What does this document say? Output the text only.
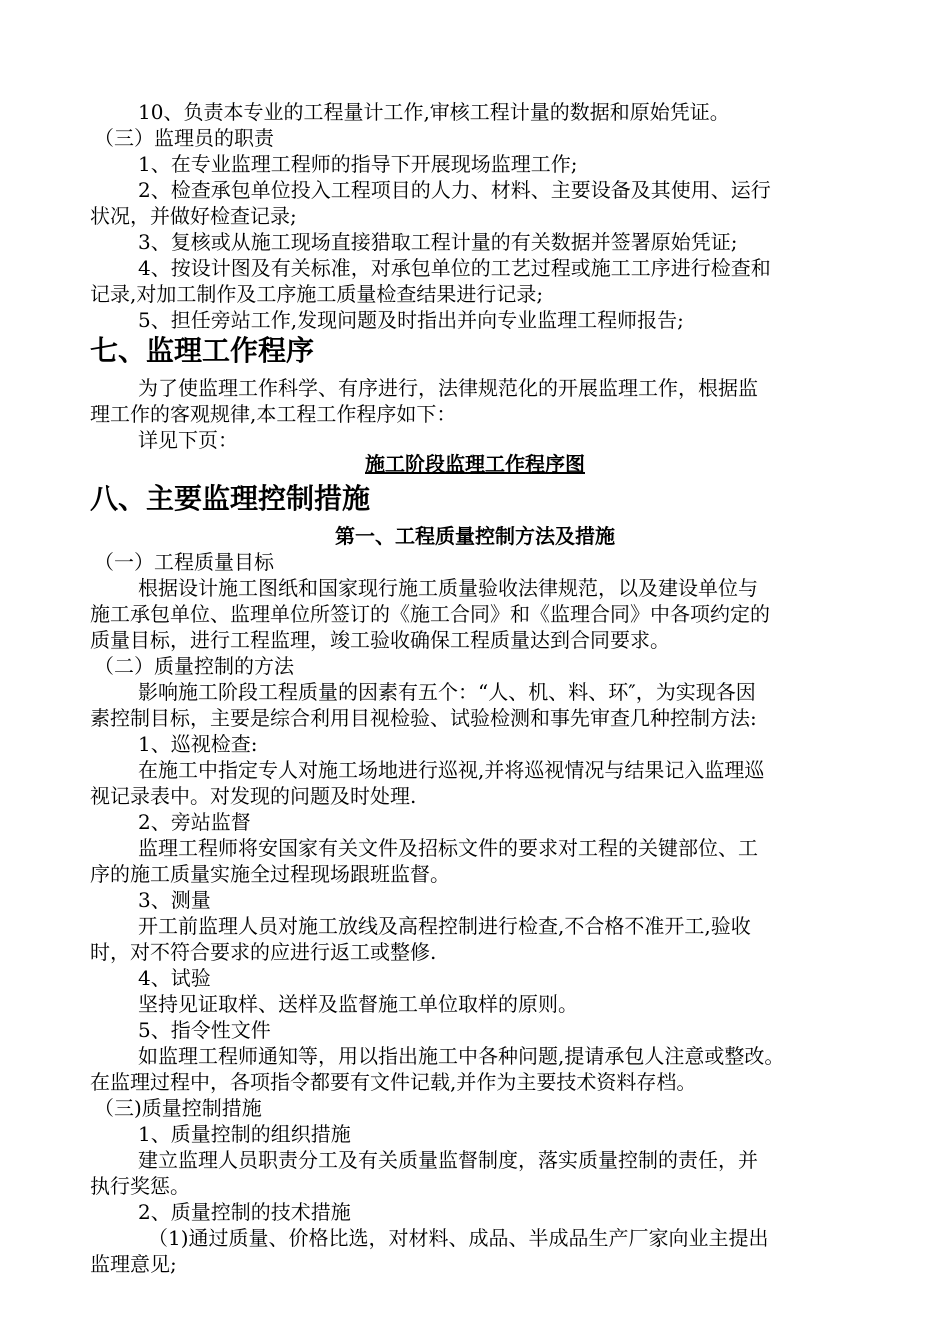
10、负责本专业的工程量计工作,审核工程计量的数据和原始凭证。
（三）监理员的职责
1、在专业监理工程师的指导下开展现场监理工作;
2、检查承包单位投入工程项目的人力、材料、主要设备及其使用、运行
状况，并做好检查记录;
3、复核或从施工现场直接猎取工程计量的有关数据并签署原始凭证;
4、按设计图及有关标准，对承包单位的工艺过程或施工工序进行检查和
记录,对加工制作及工序施工质量检查结果进行记录;
5、担任旁站工作,发现问题及时指出并向专业监理工程师报告;
七、监理工作程序
为了使监理工作科学、有序进行，法律规范化的开展监理工作，根据监
理工作的客观规律,本工程工作程序如下：
详见下页：
施工阶段监理工作程序图
八、主要监理控制措施
第一、工程质量控制方法及措施
（一）工程质量目标
根据设计施工图纸和国家现行施工质量验收法律规范，以及建设单位与
施工承包单位、监理单位所签订的《施工合同》和《监理合同》中各项约定的
质量目标，进行工程监理，竣工验收确保工程质量达到合同要求。
（二）质量控制的方法
影响施工阶段工程质量的因素有五个：“人、机、料、环″，为实现各因
素控制目标，主要是综合利用目视检验、试验检测和事先审查几种控制方法:
1、巡视检查:
在施工中指定专人对施工场地进行巡视,并将巡视情况与结果记入监理巡
视记录表中。对发现的问题及时处理.
2、旁站监督
监理工程师将安国家有关文件及招标文件的要求对工程的关键部位、工
序的施工质量实施全过程现场跟班监督。
3、测量
开工前监理人员对施工放线及高程控制进行检查,不合格不准开工,验收
时，对不符合要求的应进行返工或整修.
4、试验
坚持见证取样、送样及监督施工单位取样的原则。
5、指令性文件
如监理工程师通知等，用以指出施工中各种问题,提请承包人注意或整改。
在监理过程中，各项指令都要有文件记载,并作为主要技术资料存档。
（三)质量控制措施
1、质量控制的组织措施
建立监理人员职责分工及有关质量监督制度，落实质量控制的责任，并
执行奖惩。
2、质量控制的技术措施
（1)通过质量、价格比选，对材料、成品、半成品生产厂家向业主提出
监理意见;
